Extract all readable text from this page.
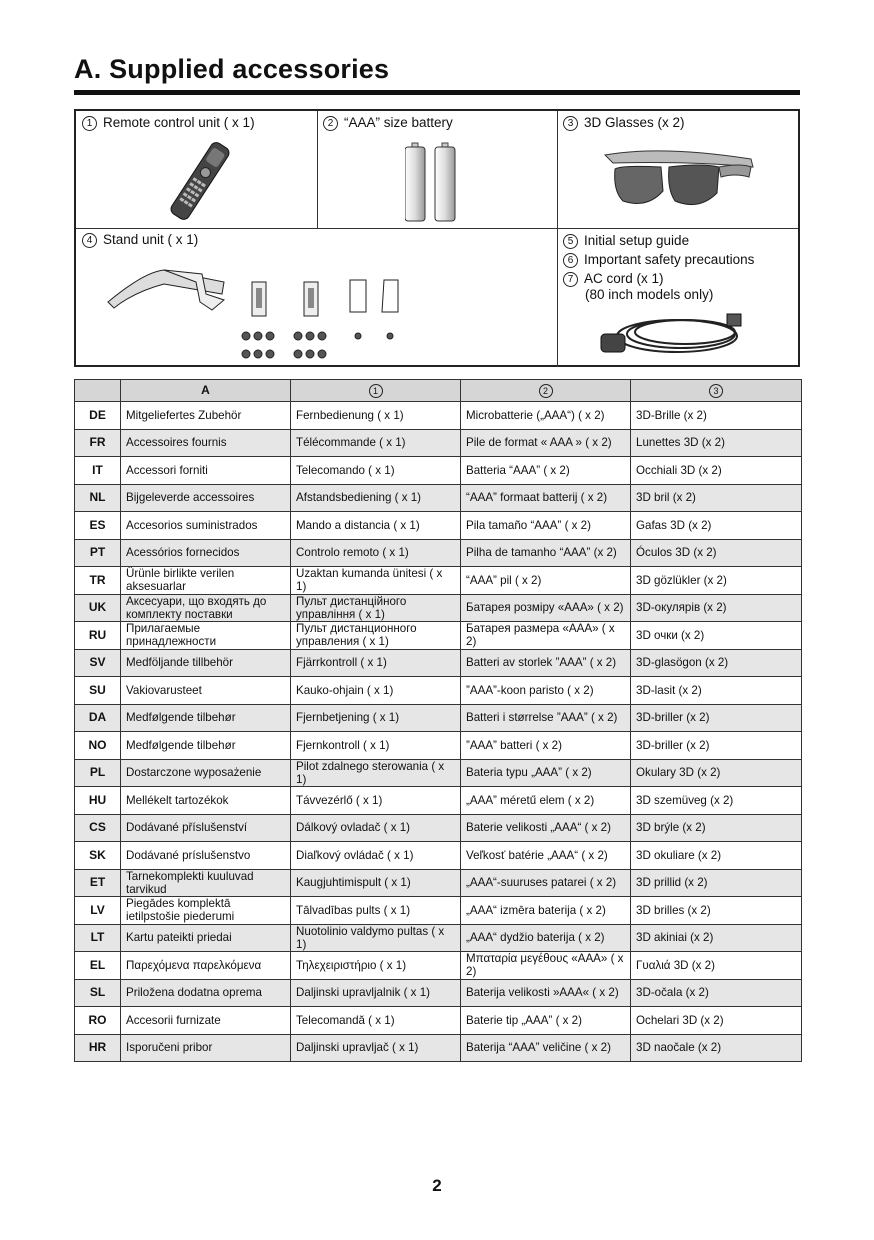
A. Supplied accessories
1 Remote control unit ( x 1)	2 “AAA” size battery	3 3D Glasses (x 2)
4 Stand unit ( x 1)	5 Initial setup guide
6 Important safety precautions
7 AC cord (x 1)
(80 inch models only)
	A	1	2	3
DE	Mitgeliefertes Zubehör	Fernbedienung ( x 1)	Microbatterie („AAA“) ( x 2)	3D-Brille (x 2)
FR	Accessoires fournis	Télécommande ( x 1)	Pile de format « AAA » ( x 2)	Lunettes 3D (x 2)
IT	Accessori forniti	Telecomando ( x 1)	Batteria “AAA” ( x 2)	Occhiali 3D (x 2)
NL	Bijgeleverde accessoires	Afstandsbediening ( x 1)	“AAA” formaat batterij ( x 2)	3D bril (x 2)
ES	Accesorios suministrados	Mando a distancia ( x 1)	Pila tamaño “AAA” ( x 2)	Gafas 3D (x 2)
PT	Acessórios fornecidos	Controlo remoto ( x 1)	Pilha de tamanho “AAA” (x 2)	Óculos 3D (x 2)
TR	Ürünle birlikte verilen aksesuarlar	Uzaktan kumanda ünitesi ( x 1)	“AAA” pil ( x 2)	3D gözlükler (x 2)
UK	Аксесуари, що входять до комплекту поставки	Пульт дистанційного управління ( x 1)	Батарея розміру «AAA» ( x 2)	3D-окулярів (x 2)
RU	Прилагаемые принадлежности	Пульт дистанционного управления ( x 1)	Батарея размера «AAA» ( x 2)	3D очки (x 2)
SV	Medföljande tillbehör	Fjärrkontroll ( x 1)	Batteri av storlek ”AAA” ( x 2)	3D-glasögon (x 2)
SU	Vakiovarusteet	Kauko-ohjain ( x 1)	”AAA”-koon paristo ( x 2)	3D-lasit (x 2)
DA	Medfølgende tilbehør	Fjernbetjening ( x 1)	Batteri i størrelse ”AAA” ( x 2)	3D-briller (x 2)
NO	Medfølgende tilbehør	Fjernkontroll ( x 1)	”AAA” batteri ( x 2)	3D-briller (x 2)
PL	Dostarczone wyposażenie	Pilot zdalnego sterowania ( x 1)	Bateria typu „AAA” ( x 2)	Okulary 3D (x 2)
HU	Mellékelt tartozékok	Távvezérlő ( x 1)	„AAA” méretű elem ( x 2)	3D szemüveg (x 2)
CS	Dodávané příslušenství	Dálkový ovladač ( x 1)	Baterie velikosti „AAA“ ( x 2)	3D brýle (x 2)
SK	Dodávané príslušenstvo	Diaľkový ovládač ( x 1)	Veľkosť batérie „AAA“ ( x 2)	3D okuliare (x 2)
ET	Tarnekomplekti kuuluvad tarvikud	Kaugjuhtimispult ( x 1)	„AAA“-suuruses patarei ( x 2)	3D prillid (x 2)
LV	Piegādes komplektā ietilpstošie piederumi	Tālvadības pults ( x 1)	„AAA“ izmēra baterija ( x 2)	3D brilles (x 2)
LT	Kartu pateikti priedai	Nuotolinio valdymo pultas ( x 1)	„AAA“ dydžio baterija ( x 2)	3D akiniai (x 2)
EL	Παρεχόμενα παρελκόμενα	Τηλεχειριστήριο ( x 1)	Μπαταρία μεγέθους «AAA» ( x 2)	Γυαλιά 3D (x 2)
SL	Priložena dodatna oprema	Daljinski upravljalnik ( x 1)	Baterija velikosti »AAA« ( x 2)	3D-očala (x 2)
RO	Accesorii furnizate	Telecomandă ( x 1)	Baterie tip „AAA” ( x 2)	Ochelari 3D (x 2)
HR	Isporučeni pribor	Daljinski upravljač ( x 1)	Baterija “AAA” veličine ( x 2)	3D naočale (x 2)
2
